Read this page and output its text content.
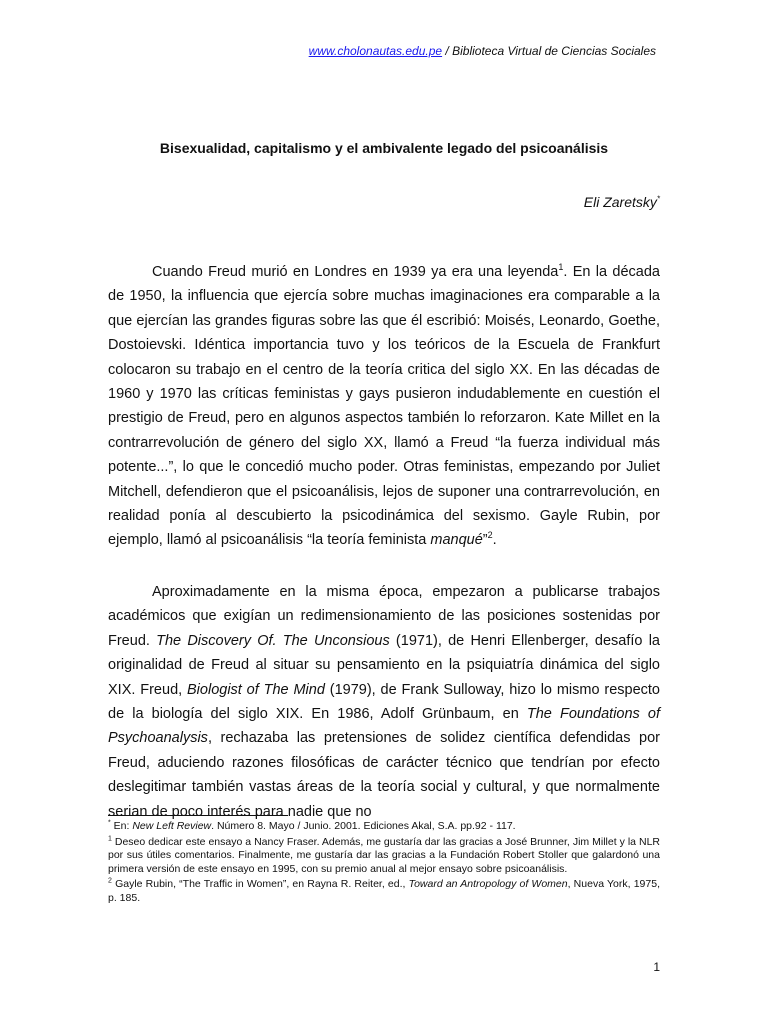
www.cholonautas.edu.pe / Biblioteca Virtual de Ciencias Sociales
Bisexualidad, capitalismo y el ambivalente legado del psicoanálisis
Eli Zaretsky*

Cuando Freud murió en Londres en 1939 ya era una leyenda$^1$. En la década de 1950, la influencia que ejercía sobre muchas imaginaciones era comparable a la que ejercían las grandes figuras sobre las que él escribió: Moisés, Leonardo, Goethe, Dostoievski. Idéntica importancia tuvo y los teóricos de la Escuela de Frankfurt colocaron su trabajo en el centro de la teoría critica del siglo XX. En las décadas de 1960 y 1970 las críticas feministas y gays pusieron indudablemente en cuestión el prestigio de Freud, pero en algunos aspectos también lo reforzaron. Kate Millet en la contrarrevolución de género del siglo XX, llamó a Freud “la fuerza individual más potente...”, lo que le concedió mucho poder. Otras feministas, empezando por Juliet Mitchell, defendieron que el psicoanálisis, lejos de suponer una contrarrevolución, en realidad ponía al descubierto la psicodinámica del sexismo. Gayle Rubin, por ejemplo, llamó al psicoanálisis “la teoría feminista manqué”$^2$.

Aproximadamente en la misma época, empezaron a publicarse trabajos académicos que exigían un redimensionamiento de las posiciones sostenidas por Freud. The Discovery Of. The Unconsious (1971), de Henri Ellenberger, desafío la originalidad de Freud al situar su pensamiento en la psiquiatría dinámica del siglo XIX. Freud, Biologist of The Mind (1979), de Frank Sulloway, hizo lo mismo respecto de la biología del siglo XIX. En 1986, Adolf Grünbaum, en The Foundations of Psychoanalysis, rechazaba las pretensiones de solidez científica defendidas por Freud, aduciendo razones filosóficas de carácter técnico que tendrían por efecto deslegitimar también vastas áreas de la teoría social y cultural, y que normalmente serian de poco interés para nadie que no

* En: New Left Review. Número 8. Mayo / Junio. 2001. Ediciones Akal, S.A. pp.92 - 117.

$^1$ Deseo dedicar este ensayo a Nancy Fraser. Además, me gustaría dar las gracias a José Brunner, Jim Millet y la NLR por sus útiles comentarios. Finalmente, me gustaría dar las gracias a la Fundación Robert Stoller que galardonó una primera versión de este ensayo en 1995, con su premio anual al mejor ensayo sobre psicoanálisis.

$^2$ Gayle Rubin, “The Traffic in Women”, en Rayna R. Reiter, ed., Toward an Antropology of Women, Nueva York, 1975, p. 185.

1
